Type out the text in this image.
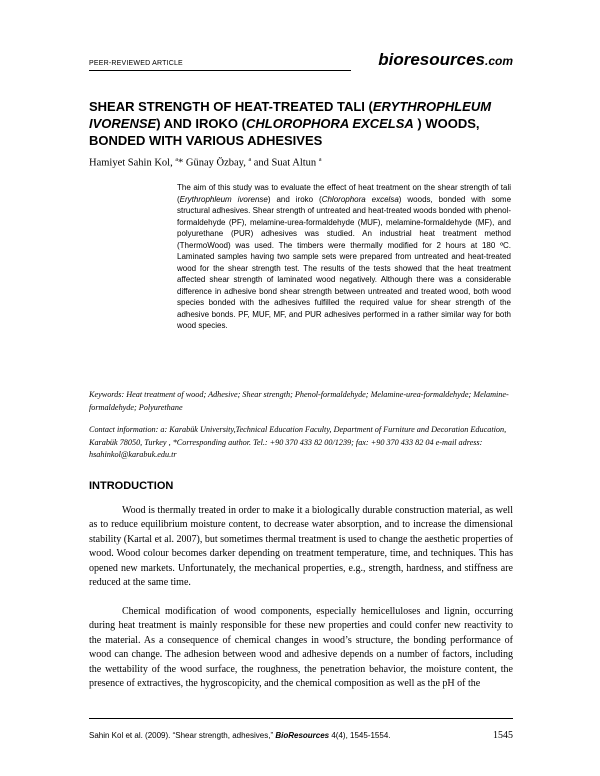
PEER-REVIEWED ARTICLE	bioresources.com
SHEAR STRENGTH OF HEAT-TREATED TALI (ERYTHROPHLEUM IVORENSE) AND IROKO (CHLOROPHORA EXCELSA ) WOODS, BONDED WITH VARIOUS ADHESIVES
Hamiyet Sahin Kol, $^a$* Günay Özbay, $^a$ and Suat Altun $^a$

The aim of this study was to evaluate the effect of heat treatment on the shear strength of tali (Erythrophleum ivorense) and iroko (Chlorophora excelsa) woods, bonded with some structural adhesives. Shear strength of untreated and heat-treated woods bonded with phenol-formaldehyde (PF), melamine-urea-formaldehyde (MUF), melamine-formaldehyde (MF), and polyurethane (PUR) adhesives was studied. An industrial heat treatment method (ThermoWood) was used. The timbers were thermally modified for 2 hours at 180 ºC. Laminated samples having two sample sets were prepared from untreated and heat-treated wood for the shear strength test. The results of the tests showed that the heat treatment affected shear strength of laminated wood negatively. Although there was a considerable difference in adhesive bond shear strength between untreated and treated wood, both wood species bonded with the adhesives fulfilled the required value for shear strength of the adhesive bonds. PF, MUF, MF, and PUR adhesives performed in a rather similar way for both wood species.

Keywords: Heat treatment of wood; Adhesive; Shear strength; Phenol-formaldehyde; Melamine-urea-formaldehyde; Melamine-formaldehyde; Polyurethane

Contact information: a: Karabük University,Technical Education Faculty, Department of Furniture and Decoration Education, Karabük 78050, Turkey , *Corresponding author. Tel.: +90 370 433 82 00/1239; fax: +90 370 433 82 04 e-mail adress: hsahinkol@karabuk.edu.tr

INTRODUCTION

Wood is thermally treated in order to make it a biologically durable construction material, as well as to reduce equilibrium moisture content, to decrease water absorption, and to increase the dimensional stability (Kartal et al. 2007), but sometimes thermal treatment is used to change the aesthetic properties of wood. Wood colour becomes darker depending on treatment temperature, time, and techniques. This has opened new markets. Unfortunately, the mechanical properties, e.g., strength, hardness, and stiffness are reduced at the same time.

Chemical modification of wood components, especially hemicelluloses and lignin, occurring during heat treatment is mainly responsible for these new properties and could confer new reactivity to the material. As a consequence of chemical changes in wood’s structure, the bonding performance of wood can change. The adhesion between wood and adhesive depends on a number of factors, including the wettability of the wood surface, the roughness, the penetration behavior, the moisture content, the presence of extractives, the hygroscopicity, and the chemical composition as well as the pH of the

Sahin Kol et al. (2009). “Shear strength, adhesives,” BioResources 4(4), 1545-1554.	1545
